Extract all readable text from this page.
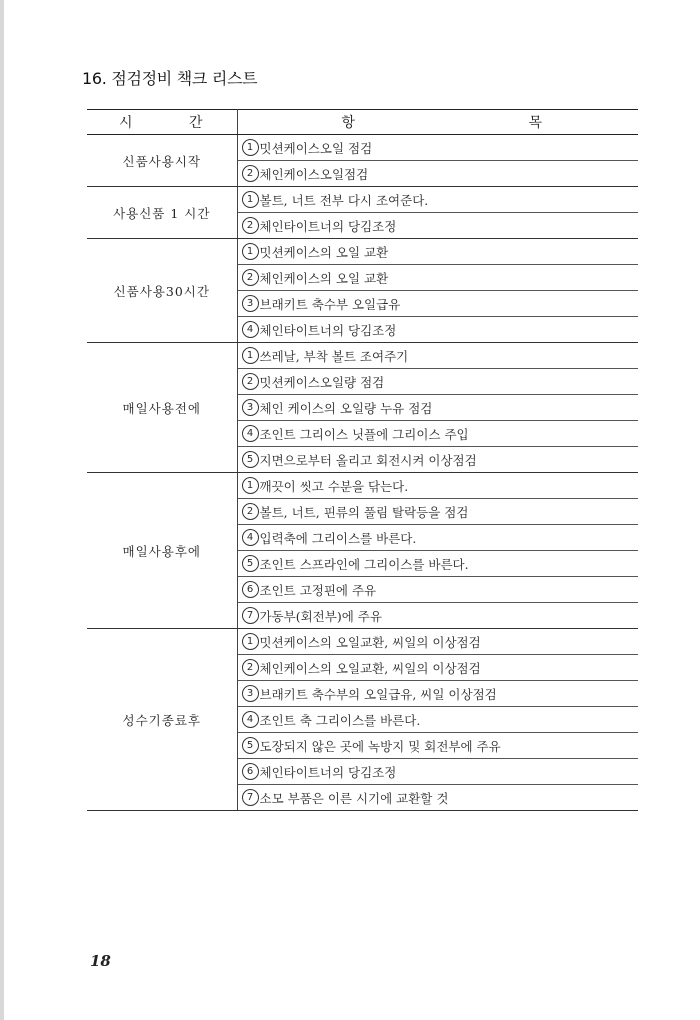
16. 점검정비 책크 리스트
시 간	항 목

신품사용시작	1 밋션케이스오일 점검
	2 체인케이스오일점검
사용신품 1 시간	1 볼트, 너트 전부 다시 조여준다.
	2 체인타이트너의 당김조정
신품사용30시간	1 밋션케이스의 오일 교환
	2 체인케이스의 오일 교환
	3 브래키트 축수부 오일급유
	4 체인타이트너의 당김조정
매일사용전에	1 쓰레날, 부착 볼트 조여주기
	2 밋션케이스오일량 점검
	3 체인 케이스의 오일량 누유 점검
	4 조인트 그리이스 닛플에 그리이스 주입
	5 지면으로부터 올리고 회전시켜 이상점검
매일사용후에	1 깨끗이 씻고 수분을 닦는다.
	2 볼트, 너트, 핀류의 풀림 탈락등을 점검
	4 입력축에 그리이스를 바른다.
	5 조인트 스프라인에 그리이스를 바른다.
	6 조인트 고정핀에 주유
	7 가동부(회전부)에 주유
성수기종료후	1 밋션케이스의 오일교환, 씨일의 이상점검
	2 체인케이스의 오일교환, 씨일의 이상점검
	3 브래키트 축수부의 오일급유, 씨일 이상점검
	4 조인트 축 그리이스를 바른다.
	5 도장되지 않은 곳에 녹방지 및 회전부에 주유
	6 체인타이트너의 당김조정
	7 소모 부품은 이른 시기에 교환할 것
18
